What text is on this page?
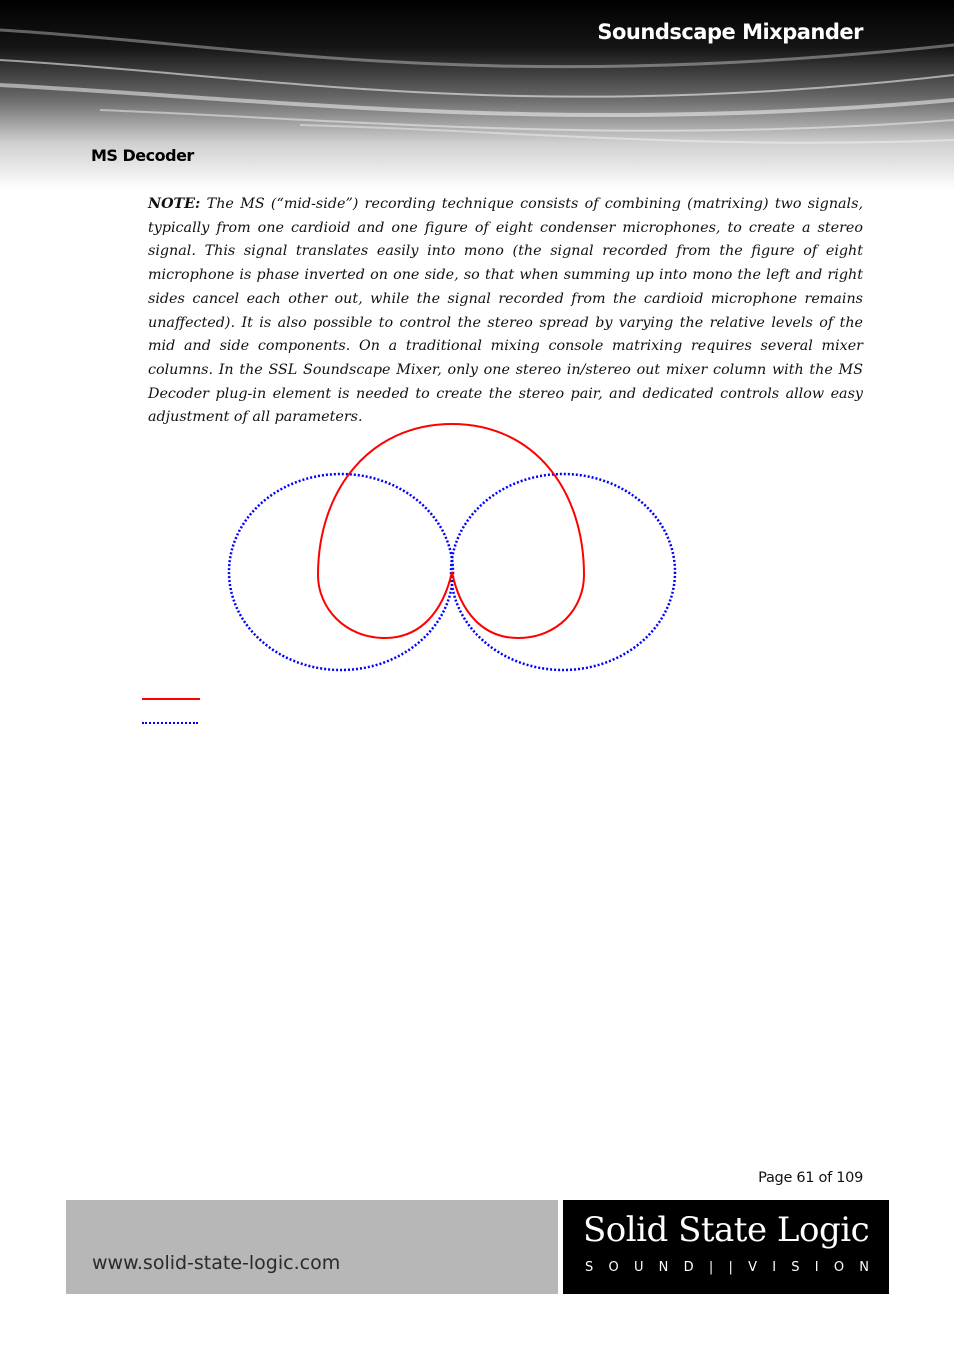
Soundscape Mixpander
MS Decoder

NOTE: The MS (“mid-side”) recording technique consists of combining (matrixing) two signals, typically from one cardioid and one figure of eight condenser microphones, to create a stereo signal. This signal translates easily into mono (the signal recorded from the figure of eight microphone is phase inverted on one side, so that when summing up into mono the left and right sides cancel each other out, while the signal recorded from the cardioid microphone remains unaffected). It is also possible to control the stereo spread by varying the relative levels of the mid and side components. On a traditional mixing console matrixing requires several mixer columns. In the SSL Soundscape Mixer, only one stereo in/stereo out mixer column with the MS Decoder plug-in element is needed to create the stereo pair, and dedicated controls allow easy adjustment of all parameters.

Page 61 of 109
www.solid-state-logic.com
Solid State Logic
S O U N D | | V I S I O N
